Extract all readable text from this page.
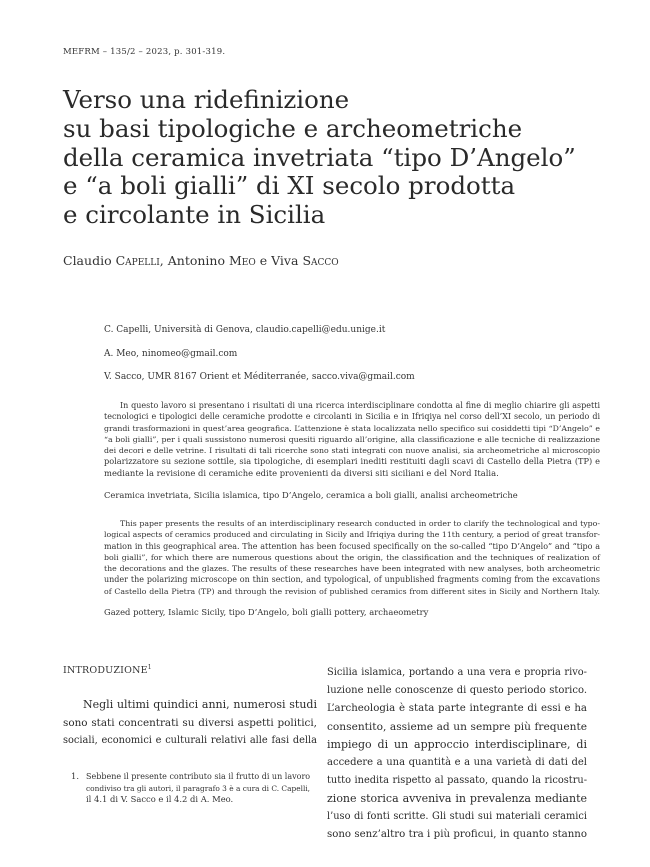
MEFRM – 135/2 – 2023, p. 301-319.
Verso una ridefinizione
su basi tipologiche e archeometriche
della ceramica invetriata “tipo D’Angelo”
e “a boli gialli” di XI secolo prodotta
e circolante in Sicilia
Claudio Capelli, Antonino Meo e Viva Sacco

C. Capelli, Università di Genova, claudio.capelli@edu.unige.it

A. Meo, ninomeo@gmail.com

V. Sacco, UMR 8167 Orient et Méditerranée, sacco.viva@gmail.com

In questo lavoro si presentano i risultati di una ricerca interdisciplinare condotta al fine di meglio chiarire gli aspetti
tecnologici e tipologici delle ceramiche prodotte e circolanti in Sicilia e in Ifriqiya nel corso dell’XI secolo, un periodo di
grandi trasformazioni in quest’area geografica. L’attenzione è stata localizzata nello specifico sui cosiddetti tipi “D’Angelo” e
“a boli gialli”, per i quali sussistono numerosi quesiti riguardo all’origine, alla classificazione e alle tecniche di realizzazione
dei decori e delle vetrine. I risultati di tali ricerche sono stati integrati con nuove analisi, sia archeometriche al microscopio
polarizzatore su sezione sottile, sia tipologiche, di esemplari inediti restituiti dagli scavi di Castello della Pietra (TP) e
mediante la revisione di ceramiche edite provenienti da diversi siti siciliani e del Nord Italia.
Ceramica invetriata, Sicilia islamica, tipo D’Angelo, ceramica a boli gialli, analisi archeometriche
This paper presents the results of an interdisciplinary research conducted in order to clarify the technological and typo-
logical aspects of ceramics produced and circulating in Sicily and Ifriqiya during the 11th century, a period of great transfor-
mation in this geographical area. The attention has been focused specifically on the so-called “tipo D’Angelo” and “tipo a
boli gialli”, for which there are numerous questions about the origin, the classification and the techniques of realization of
the decorations and the glazes. The results of these researches have been integrated with new analyses, both archeometric
under the polarizing microscope on thin section, and typological, of unpublished fragments coming from the excavations
of Castello della Pietra (TP) and through the revision of published ceramics from different sites in Sicily and Northern Italy.
Gazed pottery, Islamic Sicily, tipo D’Angelo, boli gialli pottery, archaeometry
INTRODUZIONE$^1$
Negli ultimi quindici anni, numerosi studi
sono stati concentrati su diversi aspetti politici,
sociali, economici e culturali relativi alle fasi della
1. Sebbene il presente contributo sia il frutto di un lavoro
condiviso tra gli autori, il paragrafo 3 è a cura di C. Capelli,
il 4.1 di V. Sacco e il 4.2 di A. Meo.
Sicilia islamica, portando a una vera e propria rivo-
luzione nelle conoscenze di questo periodo storico.
L’archeologia è stata parte integrante di essi e ha
consentito, assieme ad un sempre più frequente
impiego di un approccio interdisciplinare, di
accedere a una quantità e a una varietà di dati del
tutto inedita rispetto al passato, quando la ricostru-
zione storica avveniva in prevalenza mediante
l’uso di fonti scritte. Gli studi sui materiali ceramici
sono senz’altro tra i più proficui, in quanto stanno
